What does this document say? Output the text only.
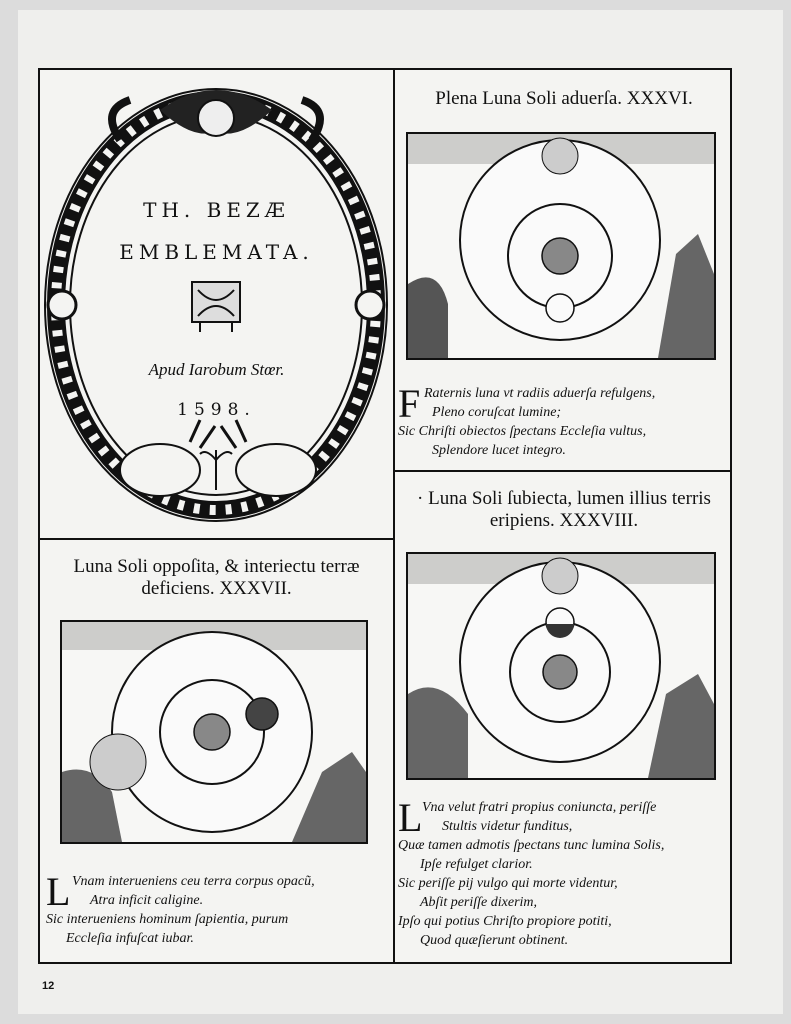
TH. BEZÆ
EMBLEMATA.
Apud Iarobum Stœr.
1598.
Plena Luna Soli aduerſa. XXXVI.
F Raternis luna vt radiis aduerſa refulgens,
Pleno coruſcat lumine;
Sic Chriſti obiectos ſpectans Eccleſia vultus,
Splendore lucet integro.
· Luna Soli ſubiecta, lumen illius terris
eripiens. XXXVIII.
L Vna velut fratri propius coniuncta, periſſe
Stultis videtur funditus,
Quæ tamen admotis ſpectans tunc lumina Solis,
Ipſe refulget clarior.
Sic periſſe pij vulgo qui morte videntur,
Abſit periſſe dixerim,
Ipſo qui potius Chriſto propiore potiti,
Quod quæſierunt obtinent.
Luna Soli oppoſita, & interiectu terræ
deficiens. XXXVII.
L Vnam interueniens ceu terra corpus opacũ,
Atra inficit caligine.
Sic interueniens hominum ſapientia, purum
Eccleſia infuſcat iubar.
12
